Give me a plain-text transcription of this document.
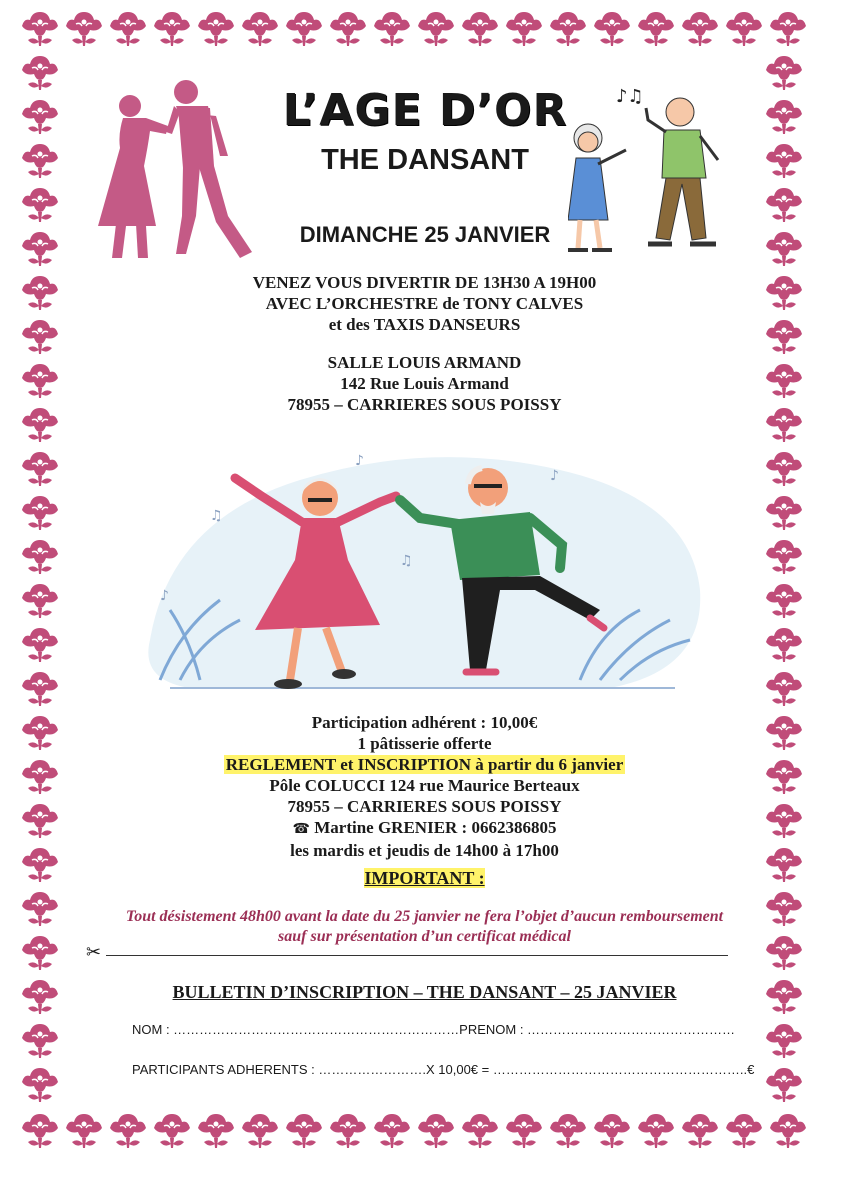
L’AGE D’OR
THE DANSANT
DIMANCHE 25 JANVIER
♪♫
VENEZ VOUS DIVERTIR DE 13H30 A 19H00
AVEC L’ORCHESTRE de TONY CALVES
et des TAXIS DANSEURS
SALLE LOUIS ARMAND
142 Rue Louis Armand
78955 – CARRIERES SOUS POISSY
♪
♫
♪
♫
♪
Participation adhérent : 10,00€
1 pâtisserie offerte
REGLEMENT et INSCRIPTION à partir du 6 janvier
Pôle COLUCCI 124 rue Maurice Berteaux
78955 – CARRIERES SOUS POISSY
☎ Martine GRENIER : 0662386805
les mardis et jeudis de 14h00 à 17h00
IMPORTANT :
Tout désistement 48h00 avant la date du 25 janvier ne fera l’objet d’aucun remboursement
sauf sur présentation d’un certificat médical
✂
BULLETIN D’INSCRIPTION – THE DANSANT – 25 JANVIER
NOM : …………………………………………………………PRENOM : …………………………………………
PARTICIPANTS ADHERENTS : …………………….X 10,00€ = …………………………………………………..€
